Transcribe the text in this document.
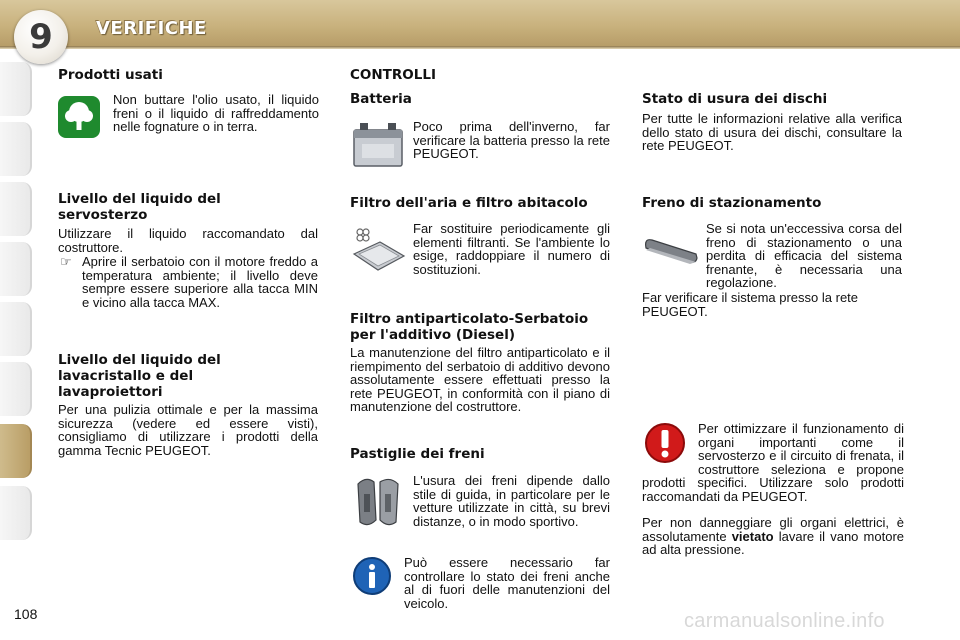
9	VERIFICHE
Prodotti usati
Non buttare l'olio usato, il liquido freni o il liquido di raffreddamento nelle fognature o in terra.
Livello del liquido del servosterzo
Utilizzare il liquido raccomandato dal costruttore.
☞ Aprire il serbatoio con il motore freddo a temperatura ambiente; il livello deve sempre essere superiore alla tacca MIN e vicino alla tacca MAX.
Livello del liquido del lavacristallo e del lavaproiettori
Per una pulizia ottimale e per la massima sicurezza (vedere ed essere visti), consigliamo di utilizzare i prodotti della gamma Tecnic PEUGEOT.
CONTROLLI
Batteria
Poco prima dell'inverno, far verificare la batteria presso la rete PEUGEOT.
Filtro dell'aria e filtro abitacolo
Far sostituire periodicamente gli elementi filtranti. Se l'ambiente lo esige, raddoppiare il numero di sostituzioni.
Filtro antiparticolato-Serbatoio per l'additivo (Diesel)
La manutenzione del filtro antiparticolato e il riempimento del serbatoio di additivo devono assolutamente essere effettuati presso la rete PEUGEOT, in conformità con il piano di manutenzione del costruttore.
Pastiglie dei freni
L'usura dei freni dipende dallo stile di guida, in particolare per le vetture utilizzate in città, su brevi distanze, o in modo sportivo.
Può essere necessario far controllare lo stato dei freni anche al di fuori delle manutenzioni del veicolo.
Stato di usura dei dischi
Per tutte le informazioni relative alla verifica dello stato di usura dei dischi, consultare la rete PEUGEOT.
Freno di stazionamento
Se si nota un'eccessiva corsa del freno di stazionamento o una perdita di efficacia del sistema frenante, è necessaria una regolazione.
Far verificare il sistema presso la rete PEUGEOT.
Per ottimizzare il funzionamento di organi importanti come il servosterzo e il circuito di frenata, il costruttore seleziona e propone prodotti specifici. Utilizzare solo prodotti raccomandati da PEUGEOT.
Per non danneggiare gli organi elettrici, è assolutamente vietato lavare il vano motore ad alta pressione.
108	carmanualsonline.info
